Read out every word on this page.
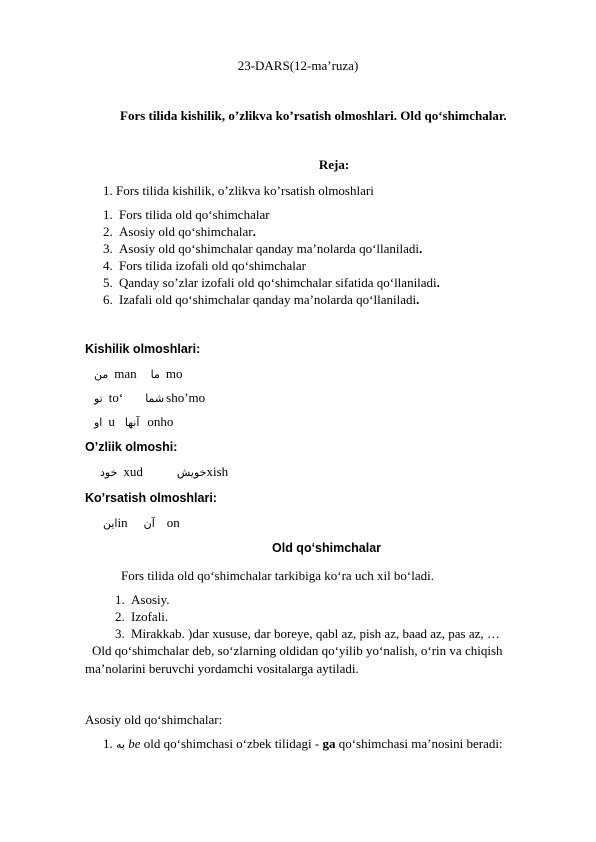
23-DARS(12-ma’ruza)
Fors tilida kishilik, o’zlikva ko’rsatish olmoshlari. Old qo‘shimchalar.
Reja:
1. Fors tilida kishilik, o’zlikva ko’rsatish olmoshlari
1. Fors tilida old qo‘shimchalar
2. Asosiy old qo‘shimchalar.
3. Asosiy old qo‘shimchalar qanday ma’nolarda qo‘llaniladi.
4. Fors tilida izofali old qo‘shimchalar
5. Qanday so’zlar izofali old qo‘shimchalar sifatida qo‘llaniladi.
6. Izafali old qo‘shimchalar qanday ma’nolarda qo‘llaniladi.
Kishilik olmoshlari:
من man ما mo
تو to‘ شما sho’mo
او u آنها onho
O’zliik olmoshi:
خود xud	خویشxish
Ko’rsatish olmoshlari:
اینin آن on
Old qo‘shimchalar
Fors tilida old qo‘shimchalar tarkibiga ko‘ra uch xil bo‘ladi.
1. Asosiy.
2. Izofali.
3. Mirakkab. )dar xususe, dar boreye, qabl az, pish az, baad az, pas az, …
Old qo‘shimchalar deb, so‘zlarning oldidan qo‘yilib yo‘nalish, o‘rin va chiqish
ma’nolarini beruvchi yordamchi vositalarga aytiladi.
Asosiy old qo‘shimchalar:
1. به be old qo‘shimchasi o‘zbek tilidagi - ga qo‘shimchasi ma’nosini beradi:
